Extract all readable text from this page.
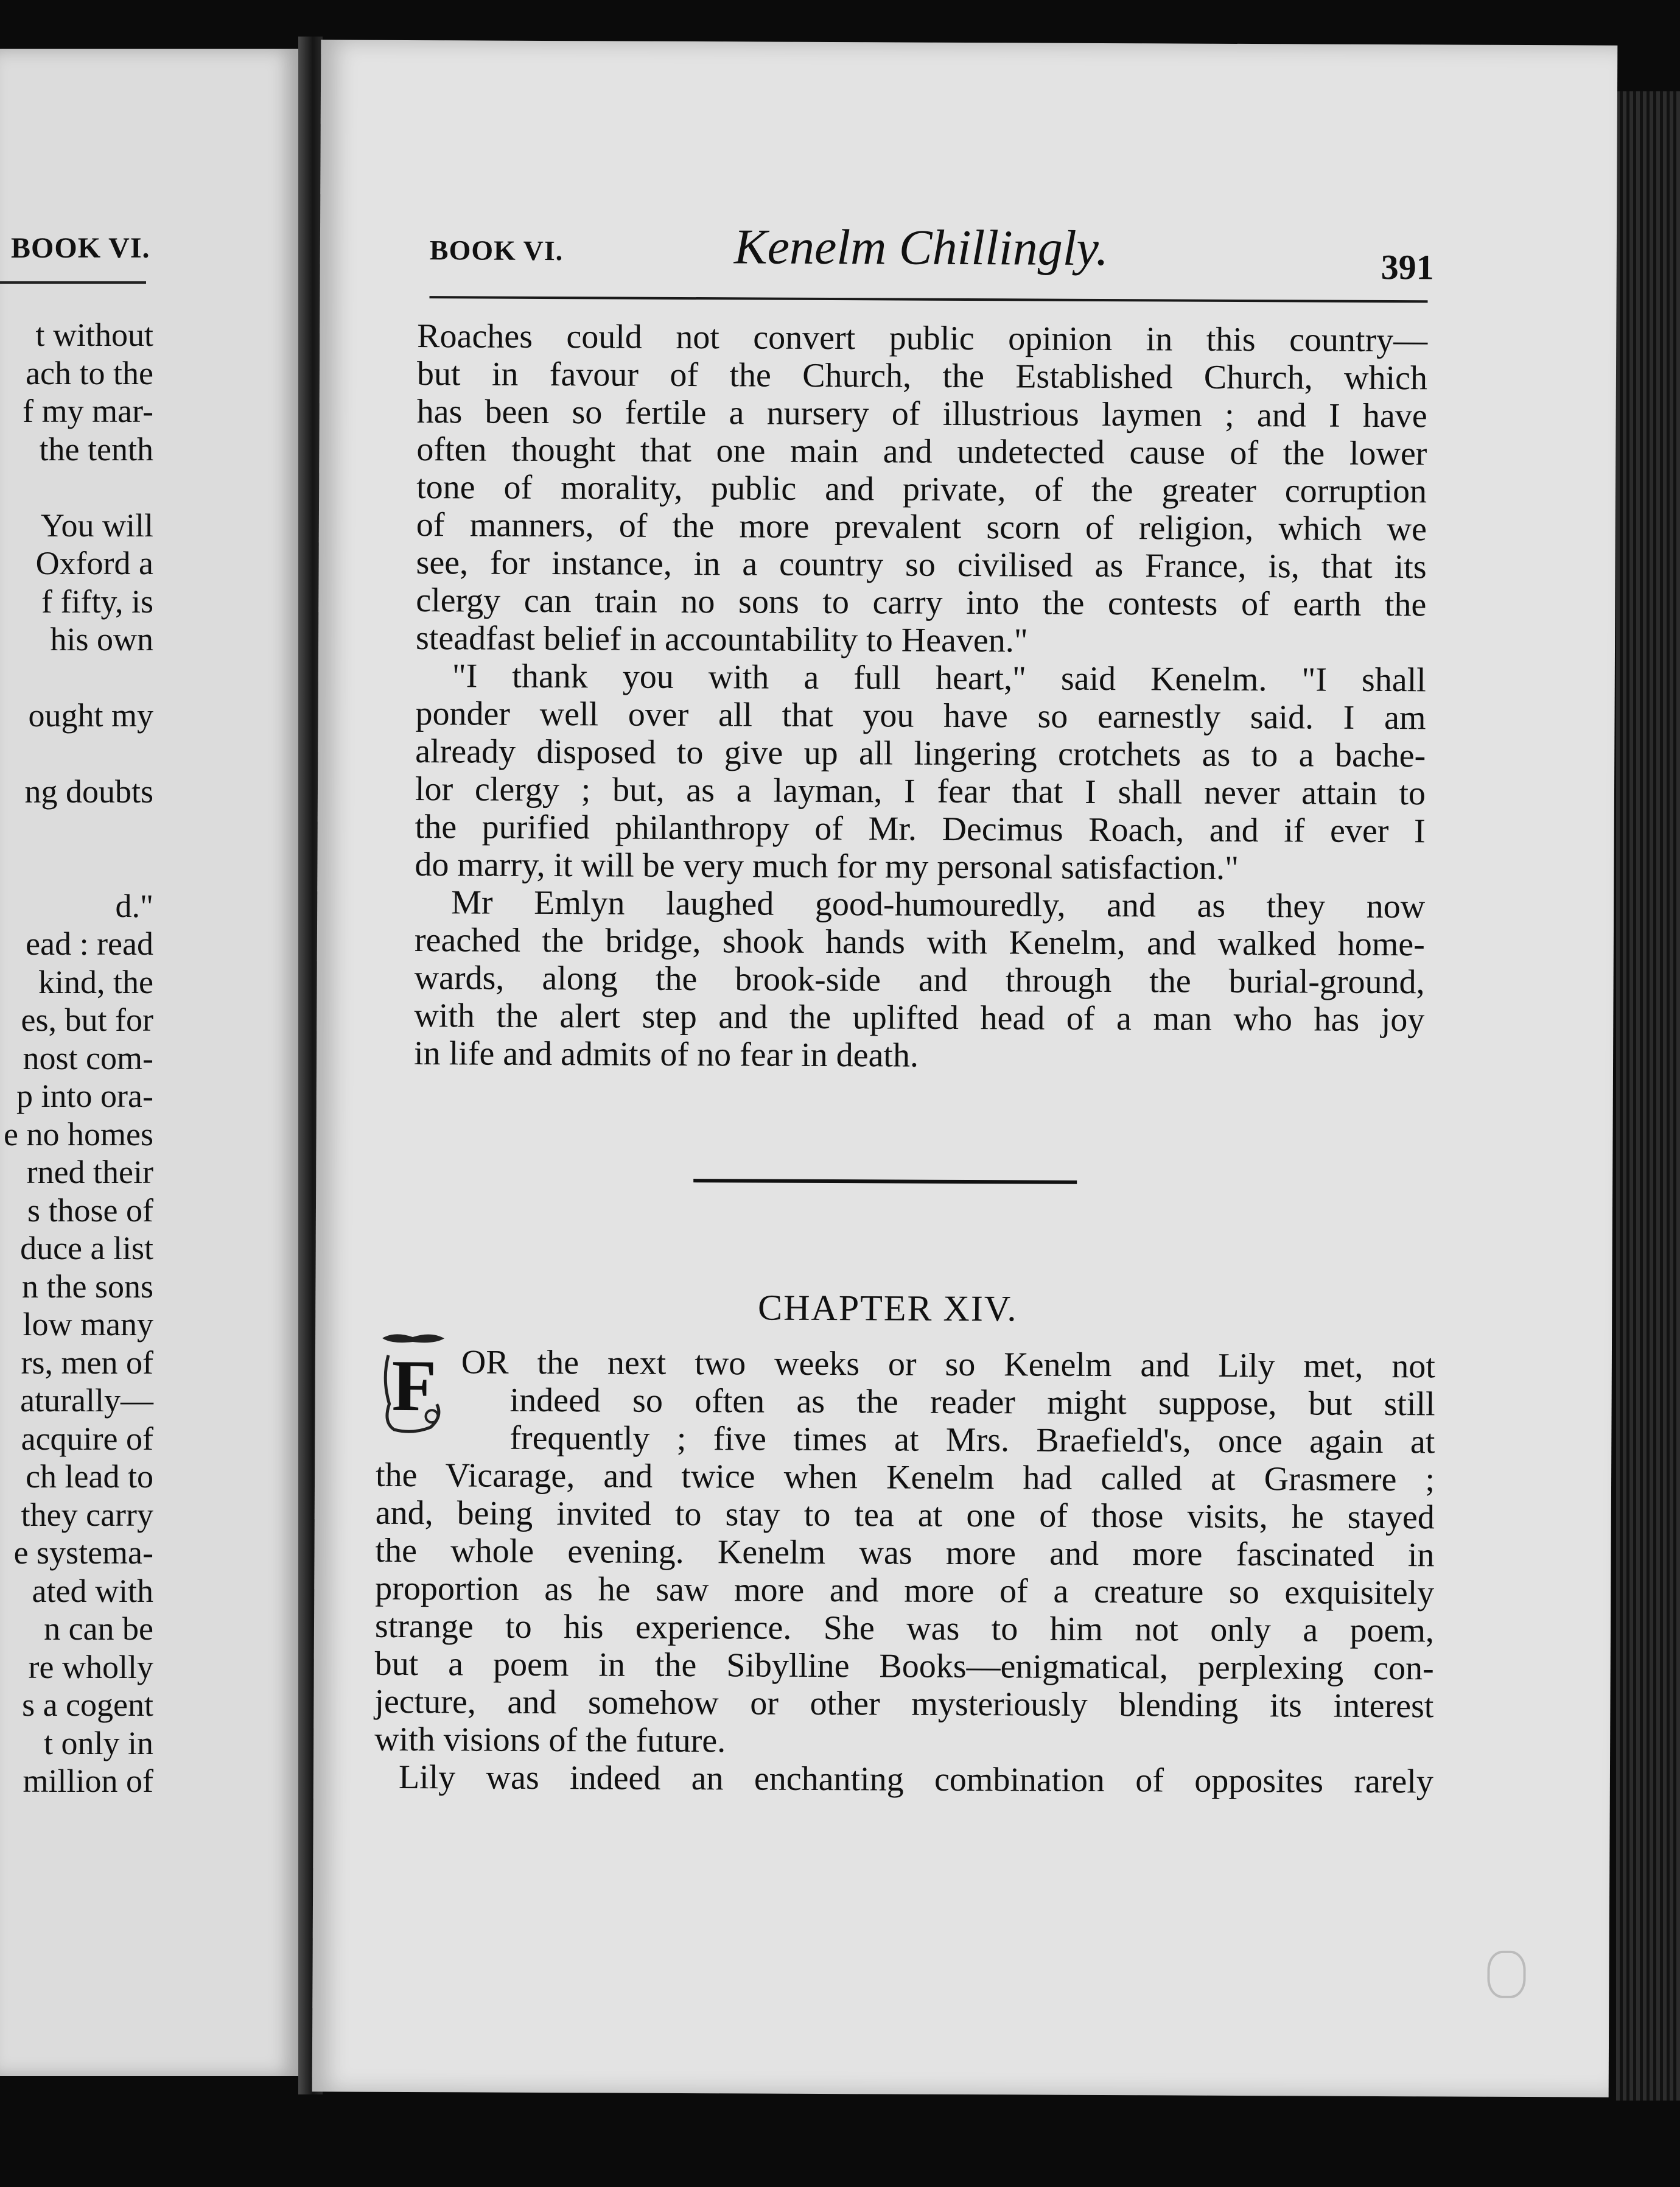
BOOK VI.
t without
ach to the
f my mar-
the tenth
You will
Oxford a
f fifty, is
his own
ought my
ng doubts
d."
ead : read
kind, the
es, but for
nost com-
p into ora-
e no homes
rned their
s those of
duce a list
n the sons
low many
rs, men of
aturally—
acquire of
ch lead to
they carry
e systema-
ated with
n can be
re wholly
s a cogent
t only in
million of
BOOK VI.	Kenelm Chillingly.	391
Roaches could not convert public opinion in this country—
but in favour of the Church, the Established Church, which
has been so fertile a nursery of illustrious laymen ; and I have
often thought that one main and undetected cause of the lower
tone of morality, public and private, of the greater corruption
of manners, of the more prevalent scorn of religion, which we
see, for instance, in a country so civilised as France, is, that its
clergy can train no sons to carry into the contests of earth the
steadfast belief in accountability to Heaven."
"I thank you with a full heart," said Kenelm. "I shall
ponder well over all that you have so earnestly said. I am
already disposed to give up all lingering crotchets as to a bache-
lor clergy ; but, as a layman, I fear that I shall never attain to
the purified philanthropy of Mr. Decimus Roach, and if ever I
do marry, it will be very much for my personal satisfaction."
Mr Emlyn laughed good-humouredly, and as they now
reached the bridge, shook hands with Kenelm, and walked home-
wards, along the brook-side and through the burial-ground,
with the alert step and the uplifted head of a man who has joy
in life and admits of no fear in death.
CHAPTER XIV.
F OR the next two weeks or so Kenelm and Lily met, not
indeed so often as the reader might suppose, but still
frequently ; five times at Mrs. Braefield's, once again at
the Vicarage, and twice when Kenelm had called at Grasmere ;
and, being invited to stay to tea at one of those visits, he stayed
the whole evening. Kenelm was more and more fascinated in
proportion as he saw more and more of a creature so exquisitely
strange to his experience. She was to him not only a poem,
but a poem in the Sibylline Books—enigmatical, perplexing con-
jecture, and somehow or other mysteriously blending its interest
with visions of the future.
Lily was indeed an enchanting combination of opposites rarely
